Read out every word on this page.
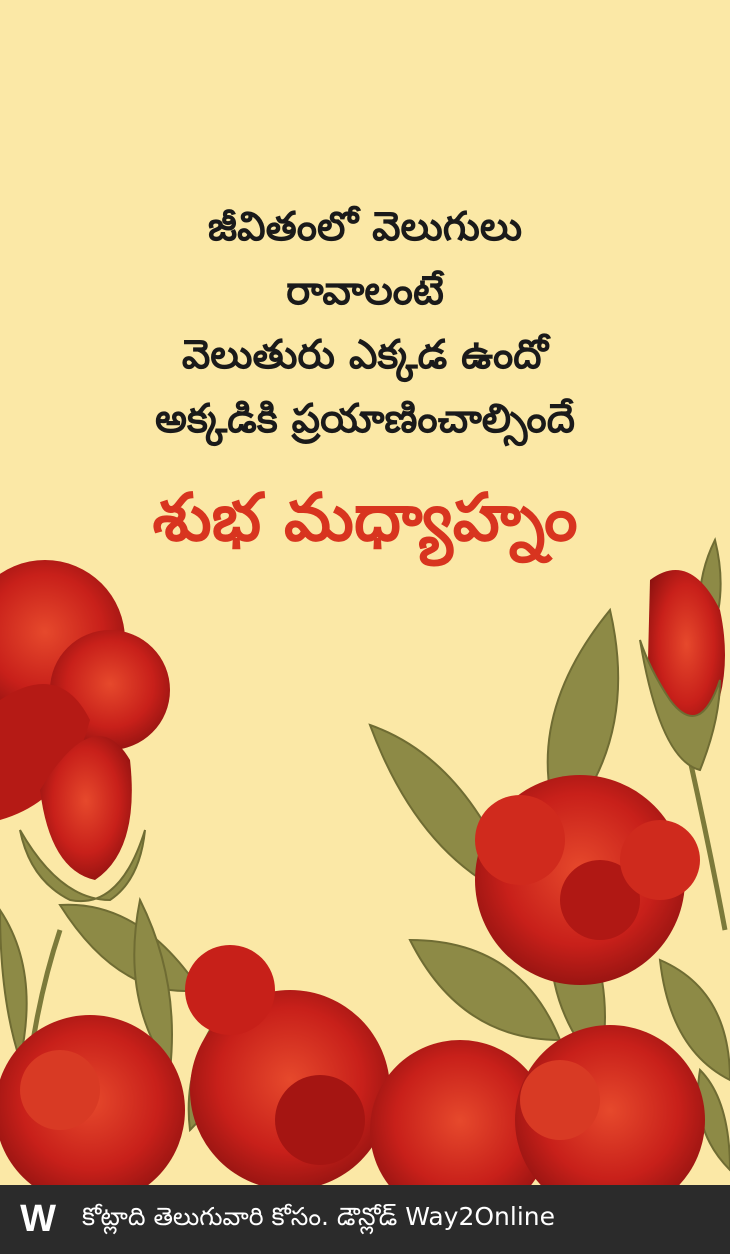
జీవితంలో వెలుగులు
రావాలంటే
వెలుతురు ఎక్కడ ఉందో
అక్కడికి ప్రయాణించాల్సిందే
శుభ మధ్యాహ్నం
W కోట్లాది తెలుగువారి కోసం. డౌన్లోడ్ Way2Online
